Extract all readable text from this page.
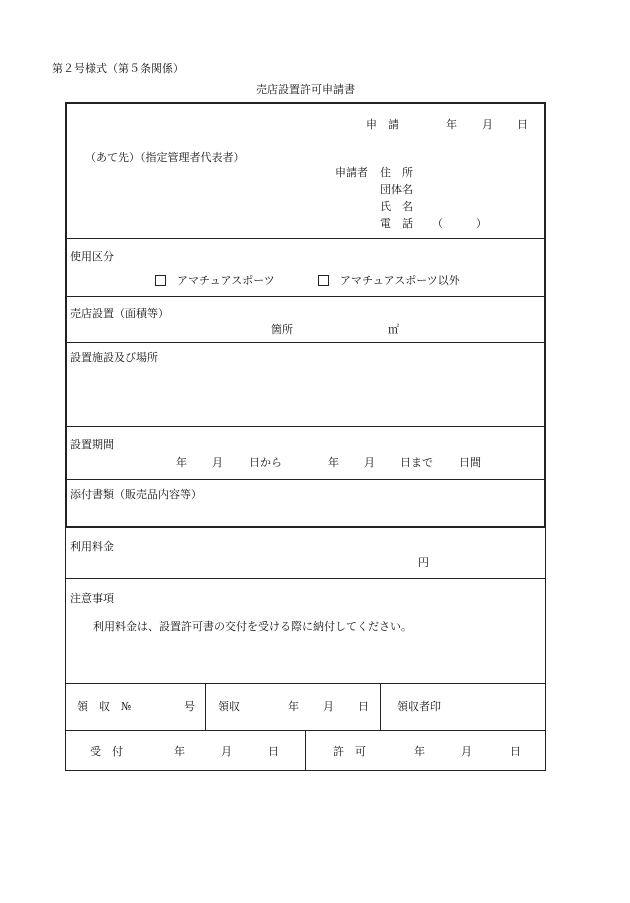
第２号様式（第５条関係）
売店設置許可申請書
申　請	年 月 日
（あて先）（指定管理者代表者）
申請者 住　所
団体名
氏　名
電　話 （　　　）
使用区分
アマチュアスポーツ	アマチュアスポーツ以外
売店設置（面積等）
箇所	㎡
設置施設及び場所
設置期間
年 月 日から	年 月 日まで 日間
添付書類（販売品内容等）
利用料金
円
注意事項
利用料金は、設置許可書の交付を受ける際に納付してください。
領　収　№	号 領収	年 月 日	領収者印
受　付	年	月	日	許　可	年	月	日
